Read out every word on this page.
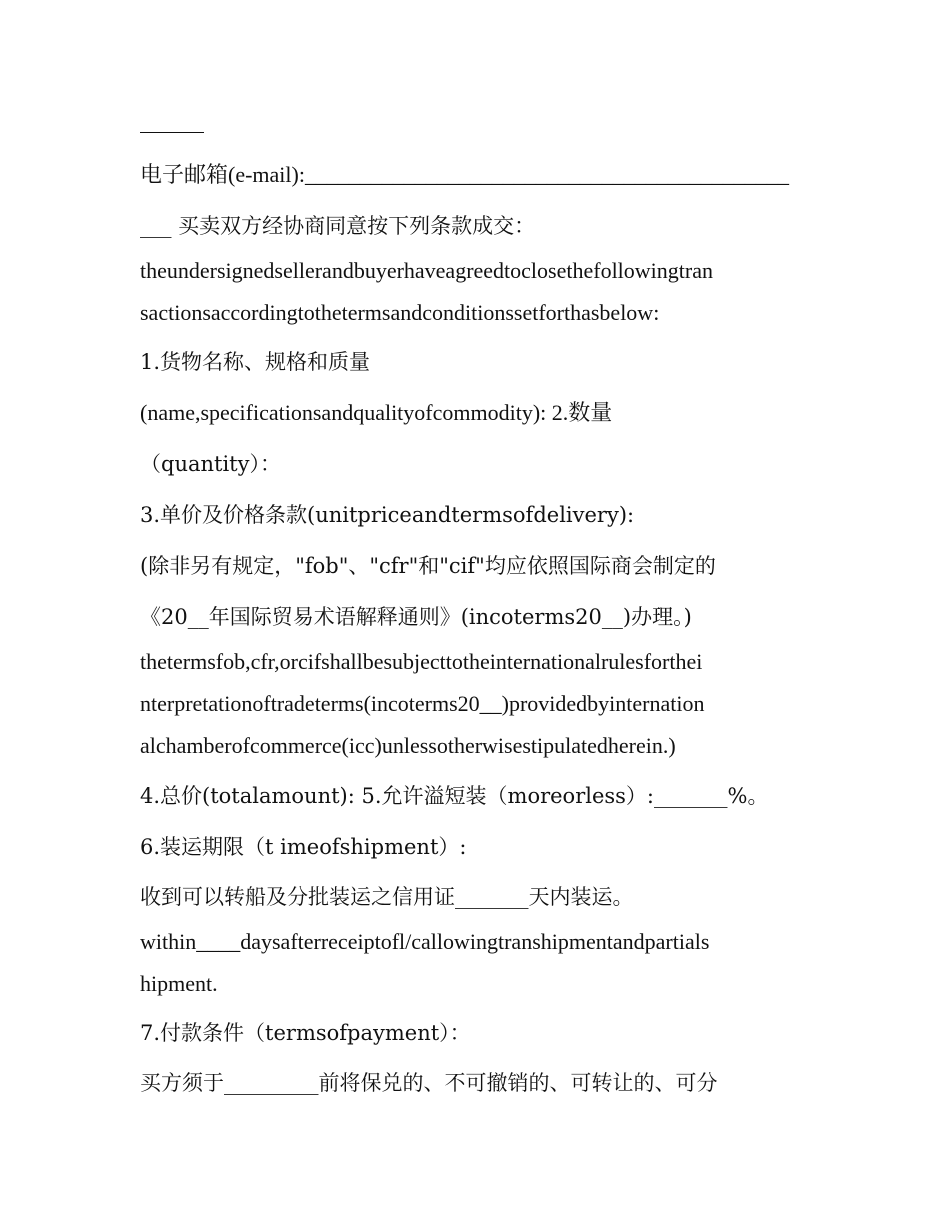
电子邮箱(e-mail):____________________________________________
___ 买卖双方经协商同意按下列条款成交：
theundersignedsellerandbuyerhaveagreedtoclosethefollowingtran
sactionsaccordingtothetermsandconditionssetforthasbelow:
1.货物名称、规格和质量
(name,specificationsandqualityofcommodity): 2.数量
（quantity）：
3.单价及价格条款(unitpriceandtermsofdelivery):
(除非另有规定，"fob"、"cfr"和"cif"均应依照国际商会制定的
《20__年国际贸易术语解释通则》(incoterms20__)办理。)
thetermsfob,cfr,orcifshallbesubjecttotheinternationalrulesforthei
nterpretationoftradeterms(incoterms20__)providedbyinternation
alchamberofcommerce(icc)unlessotherwisestipulatedherein.)
4.总价(totalamount): 5.允许溢短装（moreorless）:_______%。
6.装运期限（t imeofshipment）:
收到可以转船及分批装运之信用证_______天内装运。
within____daysafterreceiptofl/callowingtranshipmentandpartials
hipment.
7.付款条件（termsofpayment）：
买方须于_________前将保兑的、不可撤销的、可转让的、可分
